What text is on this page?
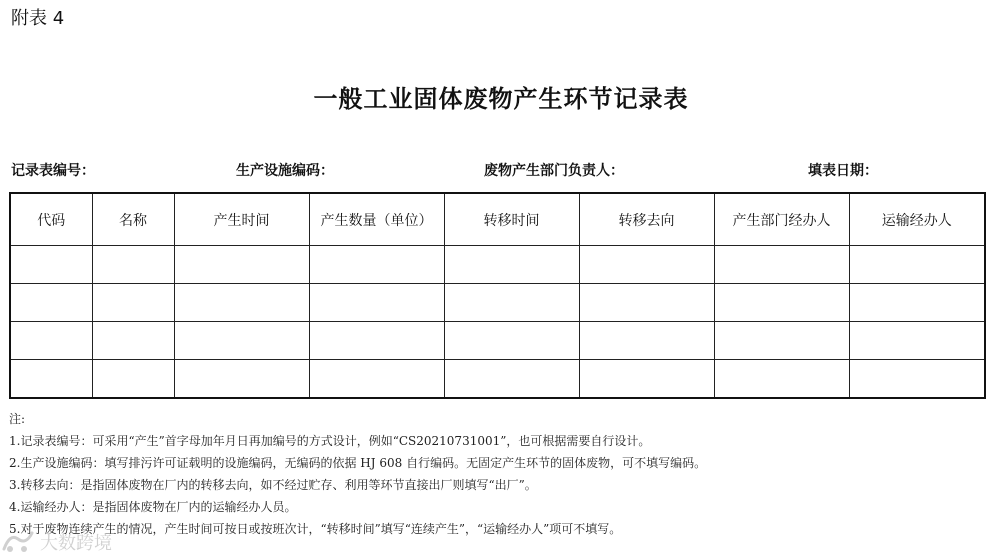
附表 4
一般工业固体废物产生环节记录表
记录表编号：	生产设施编码：	废物产生部门负责人：	填表日期：
代码	名称	产生时间	产生数量（单位）	转移时间	转移去向	产生部门经办人	运输经办人

注:
1.记录表编号：可采用“产生”首字母加年月日再加编号的方式设计，例如“CS20210731001”，也可根据需要自行设计。
2.生产设施编码：填写排污许可证载明的设施编码，无编码的依据 HJ 608 自行编码。无固定产生环节的固体废物，可不填写编码。
3.转移去向：是指固体废物在厂内的转移去向，如不经过贮存、利用等环节直接出厂则填写“出厂”。
4.运输经办人：是指固体废物在厂内的运输经办人员。
5.对于废物连续产生的情况，产生时间可按日或按班次计，“转移时间”填写“连续产生”，“运输经办人”项可不填写。
大数跨境
